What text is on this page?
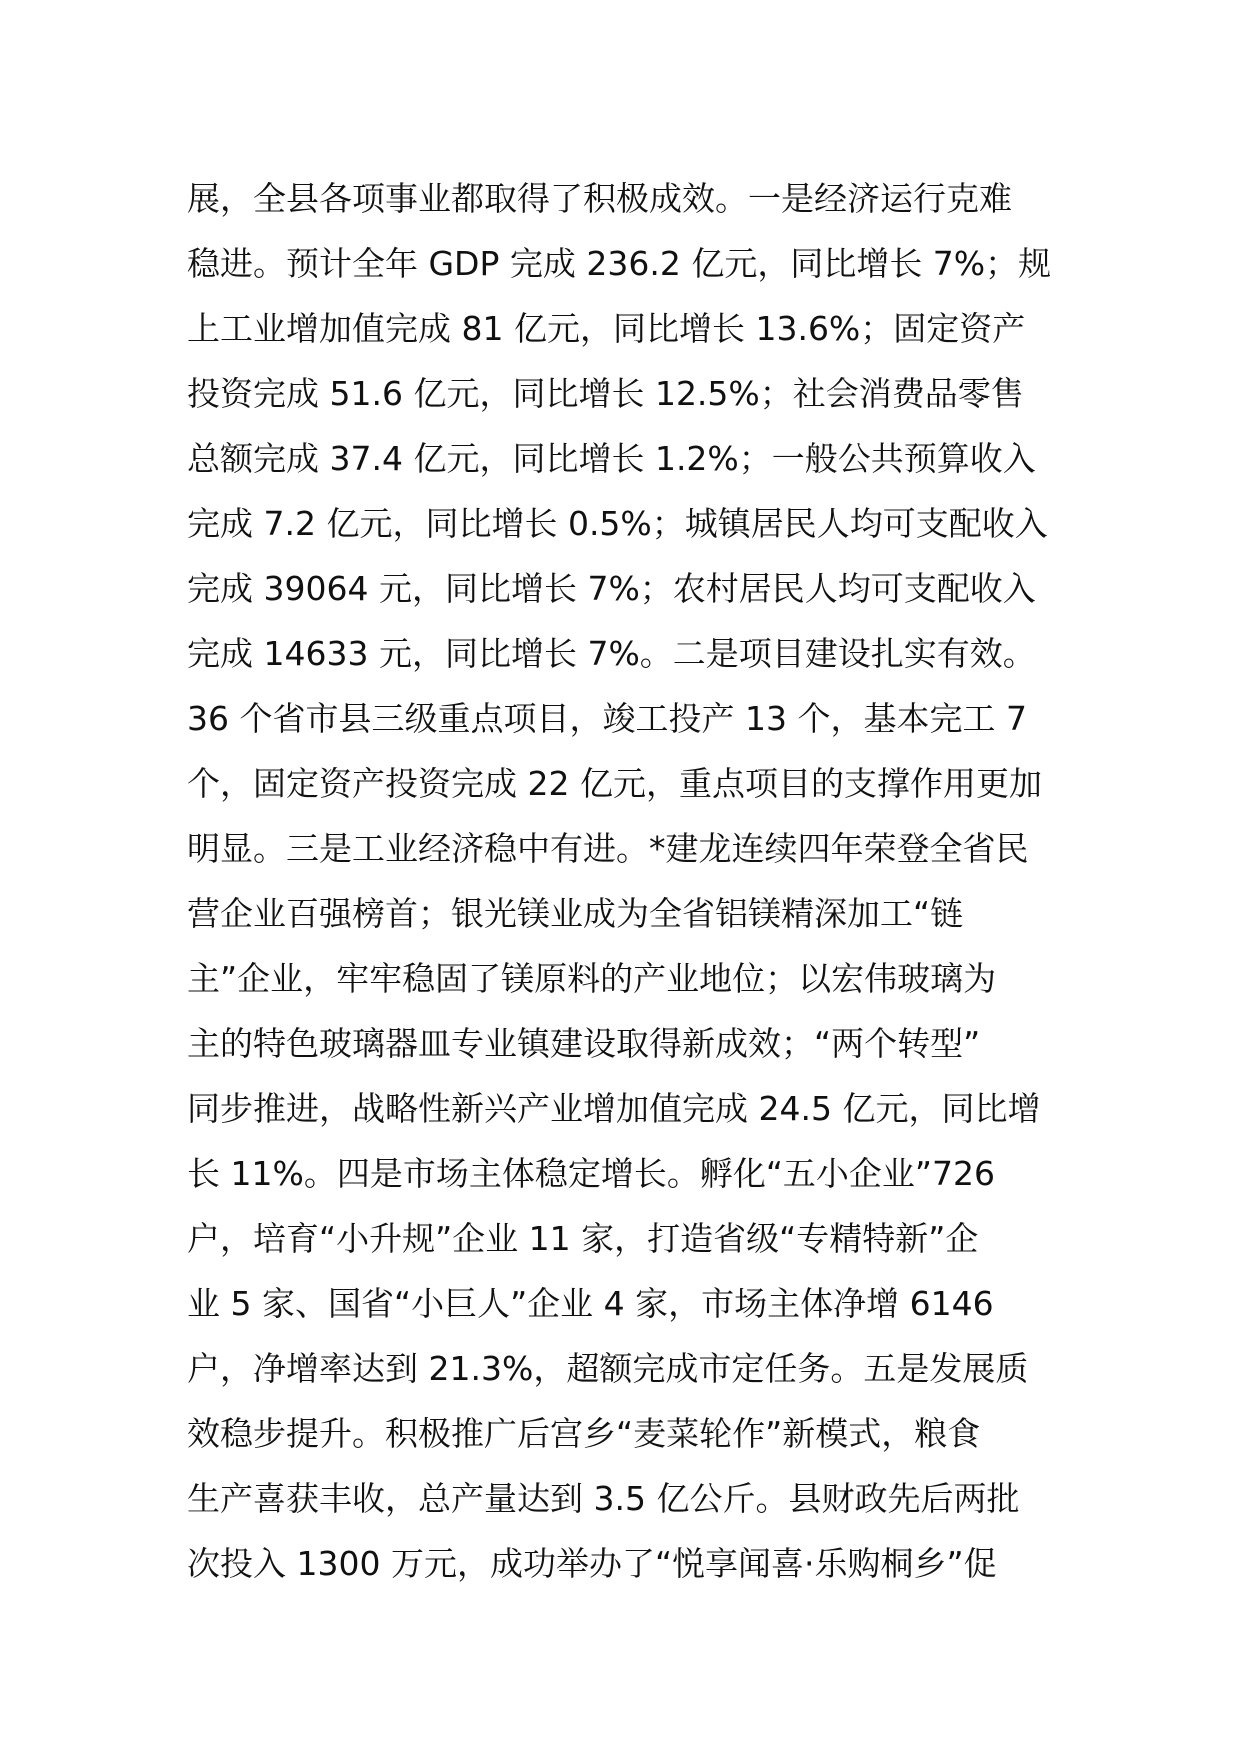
展，全县各项事业都取得了积极成效。一是经济运行克难
稳进。预计全年 GDP 完成 236.2 亿元，同比增长 7%；规
上工业增加值完成 81 亿元，同比增长 13.6%；固定资产
投资完成 51.6 亿元，同比增长 12.5%；社会消费品零售
总额完成 37.4 亿元，同比增长 1.2%；一般公共预算收入
完成 7.2 亿元，同比增长 0.5%；城镇居民人均可支配收入
完成 39064 元，同比增长 7%；农村居民人均可支配收入
完成 14633 元，同比增长 7%。二是项目建设扎实有效。
36 个省市县三级重点项目，竣工投产 13 个，基本完工 7
个，固定资产投资完成 22 亿元，重点项目的支撑作用更加
明显。三是工业经济稳中有进。*建龙连续四年荣登全省民
营企业百强榜首；银光镁业成为全省铝镁精深加工“链
主”企业，牢牢稳固了镁原料的产业地位；以宏伟玻璃为
主的特色玻璃器皿专业镇建设取得新成效；“两个转型”
同步推进，战略性新兴产业增加值完成 24.5 亿元，同比增
长 11%。四是市场主体稳定增长。孵化“五小企业”726
户，培育“小升规”企业 11 家，打造省级“专精特新”企
业 5 家、国省“小巨人”企业 4 家，市场主体净增 6146
户，净增率达到 21.3%，超额完成市定任务。五是发展质
效稳步提升。积极推广后宫乡“麦菜轮作”新模式，粮食
生产喜获丰收，总产量达到 3.5 亿公斤。县财政先后两批
次投入 1300 万元，成功举办了“悦享闻喜·乐购桐乡”促
